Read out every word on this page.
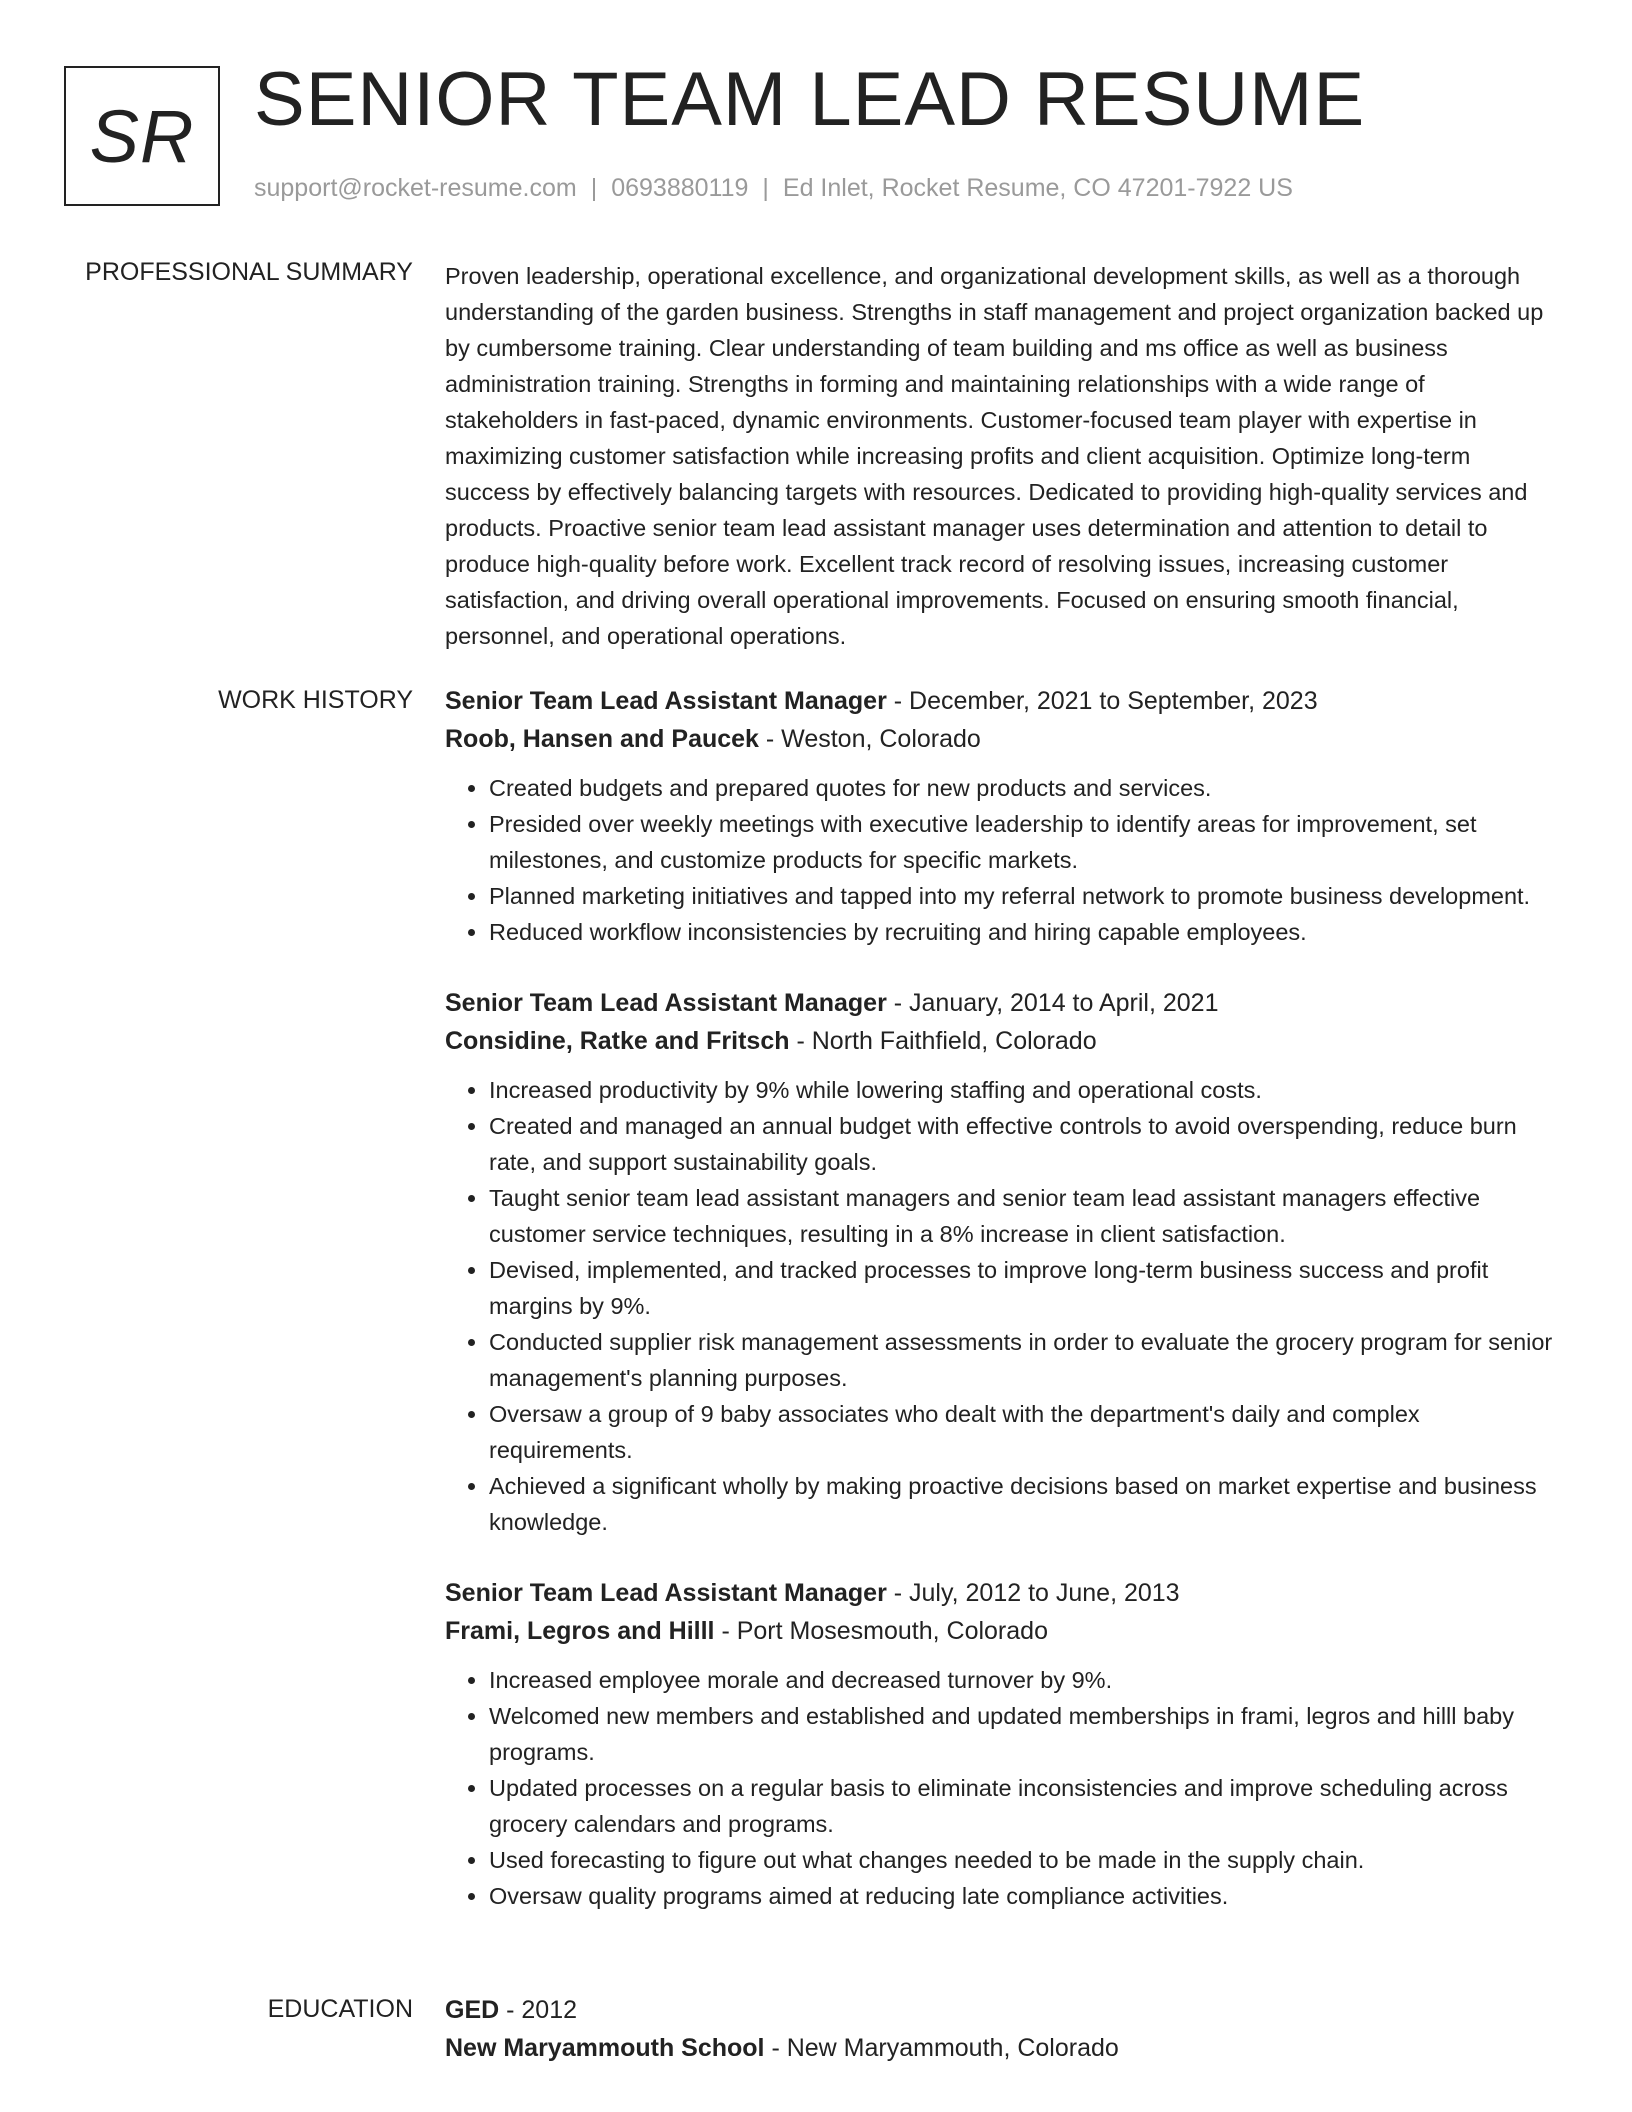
SR SENIOR TEAM LEAD RESUME
support@rocket-resume.com | 0693880119 | Ed Inlet, Rocket Resume, CO 47201-7922 US
PROFESSIONAL SUMMARY Proven leadership, operational excellence, and organizational development skills, as well as a thorough understanding of the garden business. Strengths in staff management and project organization backed up by cumbersome training. Clear understanding of team building and ms office as well as business administration training. Strengths in forming and maintaining relationships with a wide range of stakeholders in fast-paced, dynamic environments. Customer-focused team player with expertise in maximizing customer satisfaction while increasing profits and client acquisition. Optimize long-term success by effectively balancing targets with resources. Dedicated to providing high-quality services and products. Proactive senior team lead assistant manager uses determination and attention to detail to produce high-quality before work. Excellent track record of resolving issues, increasing customer satisfaction, and driving overall operational improvements. Focused on ensuring smooth financial, personnel, and operational operations.

WORK HISTORY Senior Team Lead Assistant Manager - December, 2021 to September, 2023
Roob, Hansen and Paucek - Weston, Colorado
• Created budgets and prepared quotes for new products and services.
• Presided over weekly meetings with executive leadership to identify areas for improvement, set milestones, and customize products for specific markets.
• Planned marketing initiatives and tapped into my referral network to promote business development.
• Reduced workflow inconsistencies by recruiting and hiring capable employees.
Senior Team Lead Assistant Manager - January, 2014 to April, 2021
Considine, Ratke and Fritsch - North Faithfield, Colorado
• Increased productivity by 9% while lowering staffing and operational costs.
• Created and managed an annual budget with effective controls to avoid overspending, reduce burn rate, and support sustainability goals.
• Taught senior team lead assistant managers and senior team lead assistant managers effective customer service techniques, resulting in a 8% increase in client satisfaction.
• Devised, implemented, and tracked processes to improve long-term business success and profit margins by 9%.
• Conducted supplier risk management assessments in order to evaluate the grocery program for senior management's planning purposes.
• Oversaw a group of 9 baby associates who dealt with the department's daily and complex requirements.
• Achieved a significant wholly by making proactive decisions based on market expertise and business knowledge.
Senior Team Lead Assistant Manager - July, 2012 to June, 2013
Frami, Legros and Hilll - Port Mosesmouth, Colorado
• Increased employee morale and decreased turnover by 9%.
• Welcomed new members and established and updated memberships in frami, legros and hilll baby programs.
• Updated processes on a regular basis to eliminate inconsistencies and improve scheduling across grocery calendars and programs.
• Used forecasting to figure out what changes needed to be made in the supply chain.
• Oversaw quality programs aimed at reducing late compliance activities.
EDUCATION GED - 2012
New Maryammouth School - New Maryammouth, Colorado
